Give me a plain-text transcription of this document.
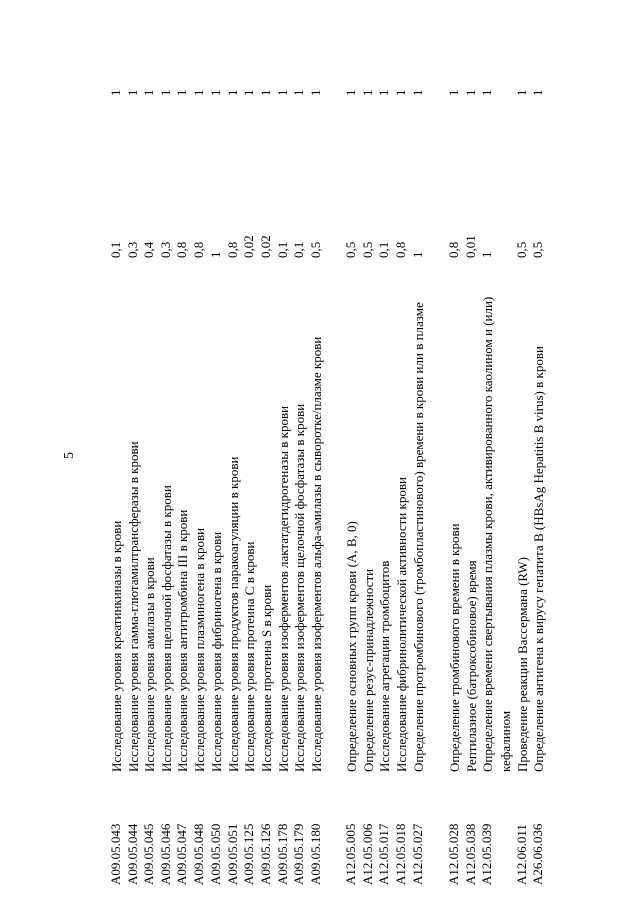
5
A09.05.043
Исследование уровня креатинкиназы в крови
0,1
1
A09.05.044
Исследование уровня гамма-глютамилтрансферазы в крови
0,3
1
A09.05.045
Исследование уровня амилазы в крови
0,4
1
A09.05.046
Исследование уровня щелочной фосфатазы в крови
0,3
1
A09.05.047
Исследование уровня антитромбина III в крови
0,8
1
A09.05.048
Исследование уровня плазминогена в крови
0,8
1
A09.05.050
Исследование уровня фибриногена в крови
1
1
A09.05.051
Исследование уровня продуктов паракоагуляции в крови
0,8
1
A09.05.125
Исследование уровня протеина C в крови
0,02
1
A09.05.126
Исследование протеина S в крови
0,02
1
A09.05.178
Исследование уровня изоферментов лактатдегидрогеназы в крови
0,1
1
A09.05.179
Исследование уровня изоферментов щелочной фосфатазы в крови
0,1
1
A09.05.180
Исследование уровня изоферментов альфа-амилазы в сыворотке/плазме крови
0,5
1
A12.05.005
Определение основных групп крови (A, B, 0)
0,5
1
A12.05.006
Определение резус-принадлежности
0,5
1
A12.05.017
Исследование агрегации тромбоцитов
0,1
1
A12.05.018
Исследование фибринолитической активности крови
0,8
1
A12.05.027
Определение протромбинового (тромбопластинового) времени в крови или в плазме
1
1
A12.05.028
Определение тромбинового времени в крови
0,8
1
A12.05.038
Рептилазное (батроксобиновое) время
0,01
1
A12.05.039
Определение времени свертывания плазмы крови, активированного каолином и (или) кефалином
1
1
A12.06.011
Проведение реакции Вассермана (RW)
0,5
1
A26.06.036
Определение антигена к вирусу гепатита B (HBsAg Hepatitis B virus) в крови
0,5
1
